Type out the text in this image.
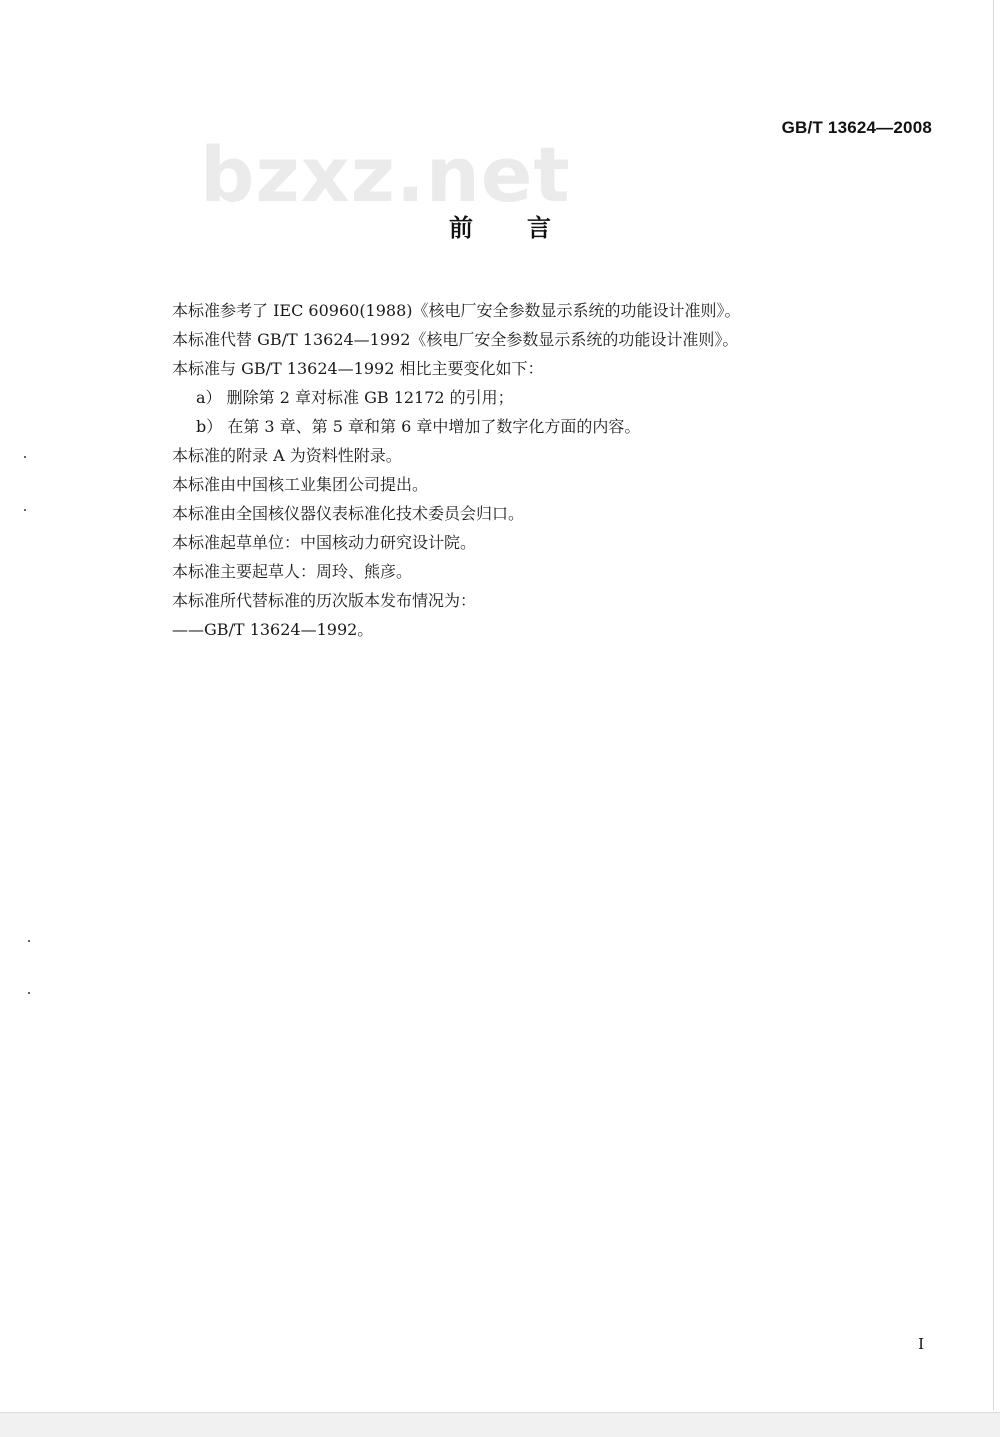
GB/T 13624—2008
bzxz.net
前言
本标准参考了 IEC 60960(1988)《核电厂安全参数显示系统的功能设计准则》。
本标准代替 GB/T 13624—1992《核电厂安全参数显示系统的功能设计准则》。
本标准与 GB/T 13624—1992 相比主要变化如下：
a） 删除第 2 章对标准 GB 12172 的引用；
b） 在第 3 章、第 5 章和第 6 章中增加了数字化方面的内容。
本标准的附录 A 为资料性附录。
本标准由中国核工业集团公司提出。
本标准由全国核仪器仪表标准化技术委员会归口。
本标准起草单位：中国核动力研究设计院。
本标准主要起草人：周玲、熊彦。
本标准所代替标准的历次版本发布情况为：
——GB/T 13624—1992。
I
